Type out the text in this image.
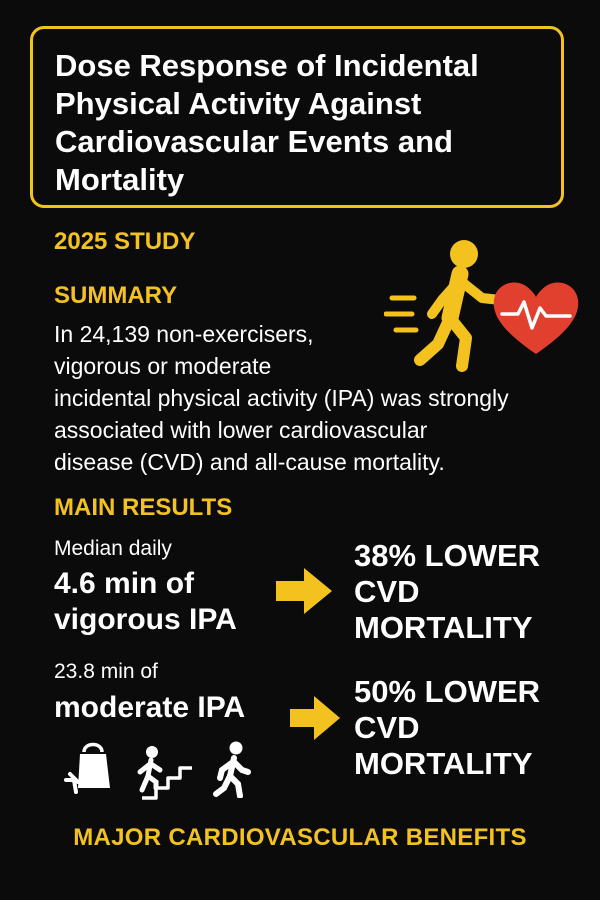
Dose Response of Incidental Physical Activity Against Cardiovascular Events and Mortality
2025 STUDY
SUMMARY
In 24,139 non-exercisers,
vigorous or moderate
incidental physical activity (IPA) was strongly
associated with lower cardiovascular
disease (CVD) and all-cause mortality.
MAIN RESULTS
Median daily
4.6 min of
vigorous IPA
38% LOWER
CVD
MORTALITY
23.8 min of
moderate IPA	50% LOWER
CVD
MORTALITY
MAJOR CARDIOVASCULAR BENEFITS
